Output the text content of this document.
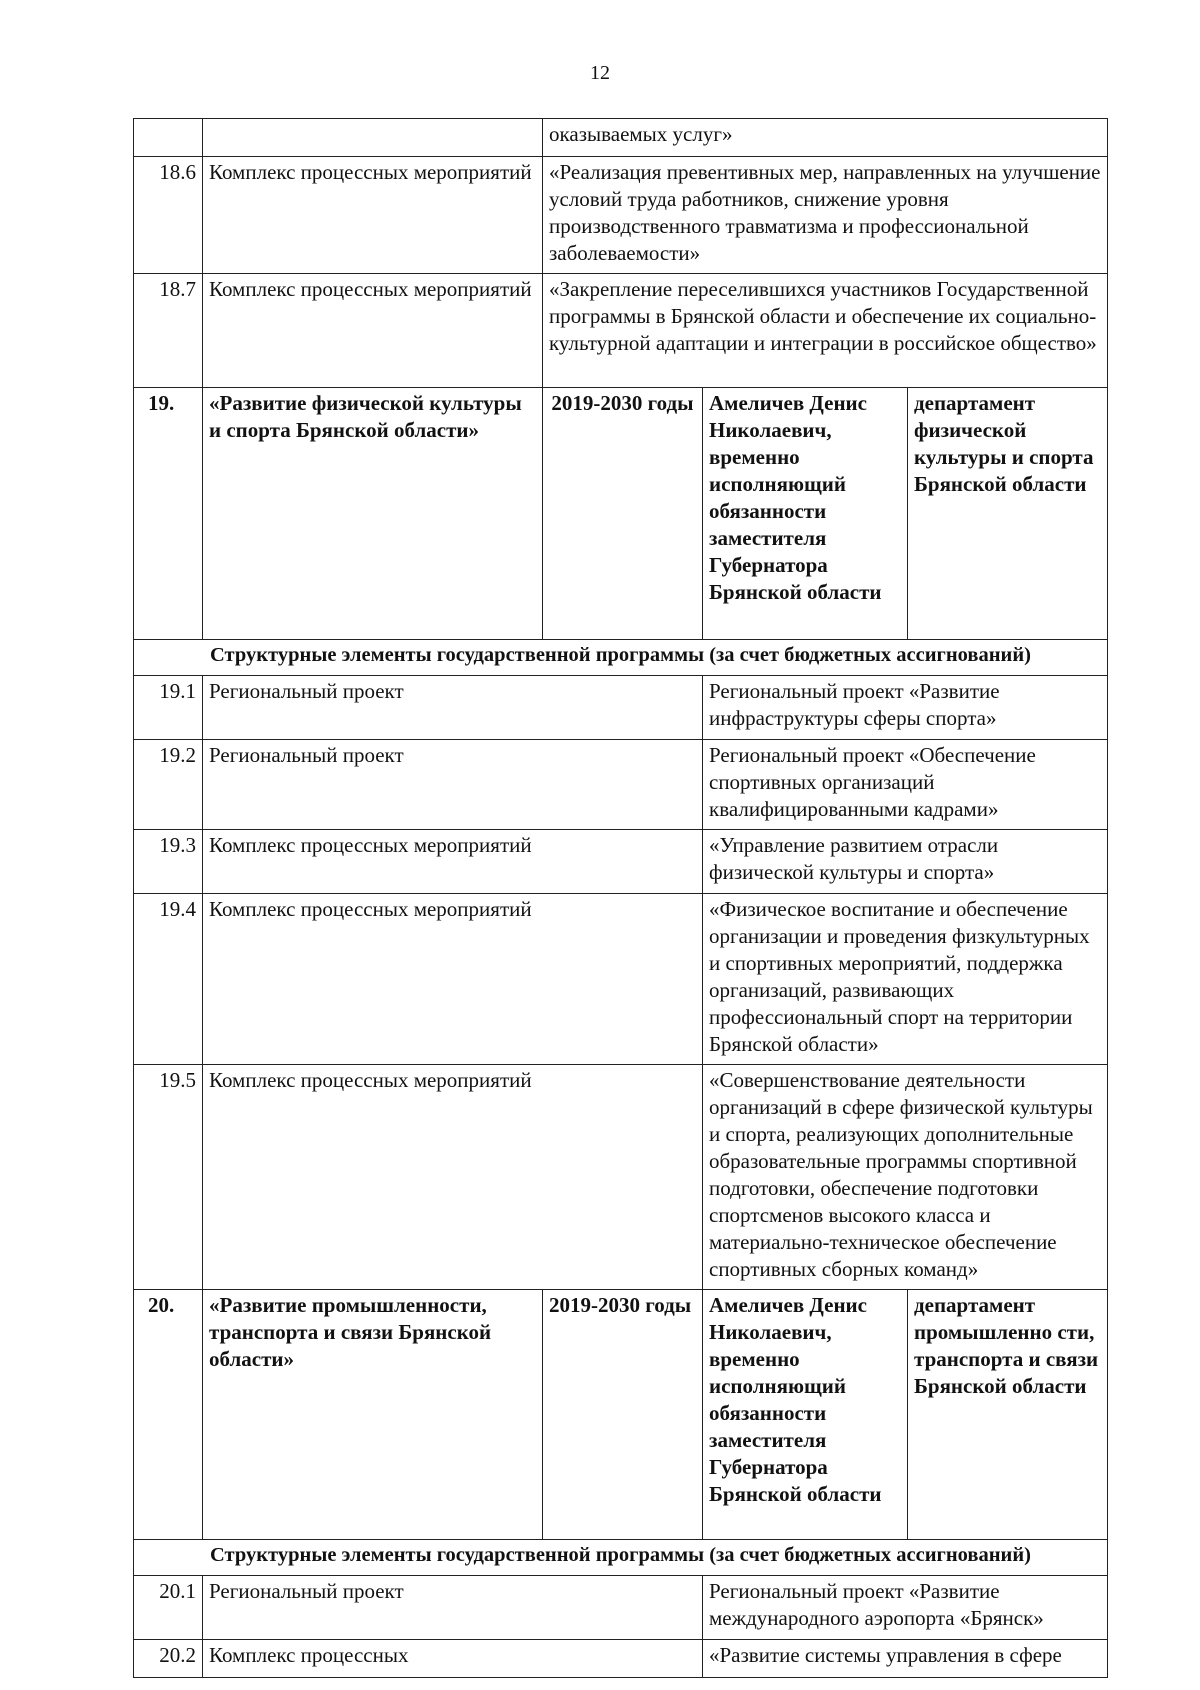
12
		оказываемых услуг»		
18.6	Комплекс процессных мероприятий	«Реализация превентивных мер, направленных на улучшение условий труда работников, снижение уровня производственного травматизма и профессиональной заболеваемости»		
18.7	Комплекс процессных мероприятий	«Закрепление переселившихся участников Государственной программы в Брянской области и обеспечение их социально-культурной адаптации и интеграции в российское общество»		
19.	«Развитие физической культуры и спорта Брянской области»	2019-2030 годы	Амеличев Денис Николаевич, временно исполняющий обязанности заместителя Губернатора Брянской области	департамент физической культуры и спорта Брянской области
Структурные элементы государственной программы (за счет бюджетных ассигнований)				
19.1	Региональный проект		Региональный проект «Развитие инфраструктуры сферы спорта»	
19.2	Региональный проект		Региональный проект «Обеспечение спортивных организаций квалифицированными кадрами»	
19.3	Комплекс процессных мероприятий		«Управление развитием отрасли физической культуры и спорта»	
19.4	Комплекс процессных мероприятий		«Физическое воспитание и обеспечение организации и проведения физкультурных и спортивных мероприятий, поддержка организаций, развивающих профессиональный спорт на территории Брянской области»	
19.5	Комплекс процессных мероприятий		«Совершенствование деятельности организаций в сфере физической культуры и спорта, реализующих дополнительные образовательные программы спортивной подготовки, обеспечение подготовки спортсменов высокого класса и материально-техническое обеспечение спортивных сборных команд»	
20.	«Развитие промышленности, транспорта и связи Брянской области»	2019-2030 годы	Амеличев Денис Николаевич, временно исполняющий обязанности заместителя Губернатора Брянской области	департамент промышленно сти, транспорта и связи Брянской области
Структурные элементы государственной программы (за счет бюджетных ассигнований)				
20.1	Региональный проект		Региональный проект «Развитие международного аэропорта «Брянск»	
20.2	Комплекс процессных		«Развитие системы управления в сфере	
